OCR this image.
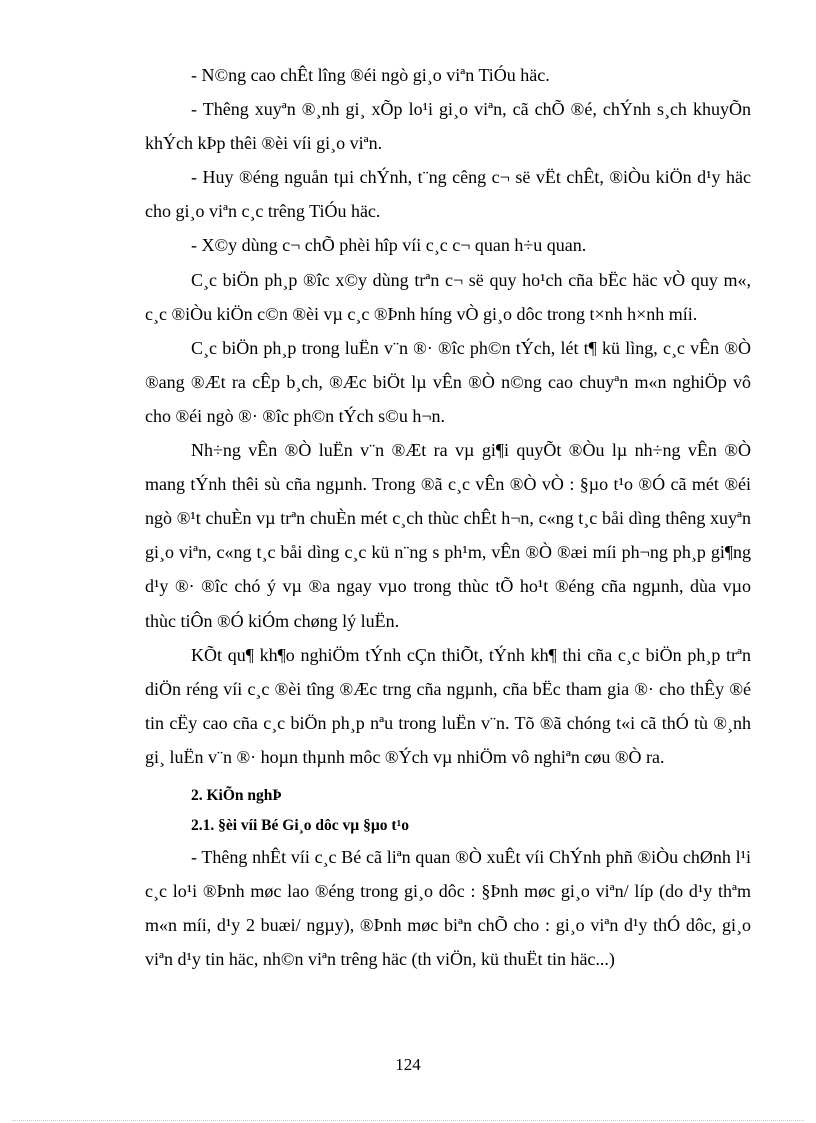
- N©ng cao chÊt lîng ®éi ngò gi¸o viªn TiÓu häc.

- Thêng xuyªn ®¸nh gi¸ xÕp lo¹i gi¸o viªn, cã chÕ ®é, chÝnh s¸ch khuyÕn khÝch kÞp thêi ®èi víi gi¸o viªn.

- Huy ®éng nguån tµi chÝnh, t¨ng cêng c¬ së vËt chÊt, ®iÒu kiÖn d¹y häc cho gi¸o viªn c¸c trêng TiÓu häc.

- X©y dùng c¬ chÕ phèi hîp víi c¸c c¬ quan h÷u quan.

C¸c biÖn ph¸p ®îc x©y dùng trªn c¬ së quy ho¹ch cña bËc häc vÒ quy m«, c¸c ®iÒu kiÖn c©n ®èi vµ c¸c ®Þnh híng vÒ gi¸o dôc trong t×nh h×nh míi.

C¸c biÖn ph¸p trong luËn v¨n ®· ®îc ph©n tÝch, lét t¶ kü lìng, c¸c vÊn ®Ò ®ang ®Æt ra cÊp b¸ch, ®Æc biÖt lµ vÊn ®Ò n©ng cao chuyªn m«n nghiÖp vô cho ®éi ngò ®· ®îc ph©n tÝch s©u h¬n.

Nh÷ng vÊn ®Ò luËn v¨n ®Æt ra vµ gi¶i quyÕt ®Òu lµ nh÷ng vÊn ®Ò mang tÝnh thêi sù cña ngµnh. Trong ®ã c¸c vÊn ®Ò vÒ : §µo t¹o ®Ó cã mét ®éi ngò ®¹t chuÈn vµ trªn chuÈn mét c¸ch thùc chÊt h¬n, c«ng t¸c båi dìng thêng xuyªn gi¸o viªn, c«ng t¸c båi dìng c¸c kü n¨ng s ph¹m, vÊn ®Ò ®æi míi ph¬ng ph¸p gi¶ng d¹y ®· ®îc chó ý vµ ®a ngay vµo trong thùc tÕ ho¹t ®éng cña ngµnh, dùa vµo thùc tiÔn ®Ó kiÓm chøng lý luËn.

KÕt qu¶ kh¶o nghiÖm tÝnh cÇn thiÕt, tÝnh kh¶ thi cña c¸c biÖn ph¸p trªn diÖn réng víi c¸c ®èi tîng ®Æc trng cña ngµnh, cña bËc tham gia ®· cho thÊy ®é tin cËy cao cña c¸c biÖn ph¸p nªu trong luËn v¨n. Tõ ®ã chóng t«i cã thÓ tù ®¸nh gi¸ luËn v¨n ®· hoµn thµnh môc ®Ých vµ nhiÖm vô nghiªn cøu ®Ò ra.

2. KiÕn nghÞ

2.1. §èi víi Bé Gi¸o dôc vµ §µo t¹o

- Thêng nhÊt víi c¸c Bé cã liªn quan ®Ò xuÊt víi ChÝnh phñ ®iÒu chØnh l¹i c¸c lo¹i ®Þnh møc lao ®éng trong gi¸o dôc : §Þnh møc gi¸o viªn/ líp (do d¹y thªm m«n míi, d¹y 2 buæi/ ngµy), ®Þnh møc biªn chÕ cho : gi¸o viªn d¹y thÓ dôc, gi¸o viªn d¹y tin häc, nh©n viªn trêng häc (th viÖn, kü thuËt tin häc...)

124
